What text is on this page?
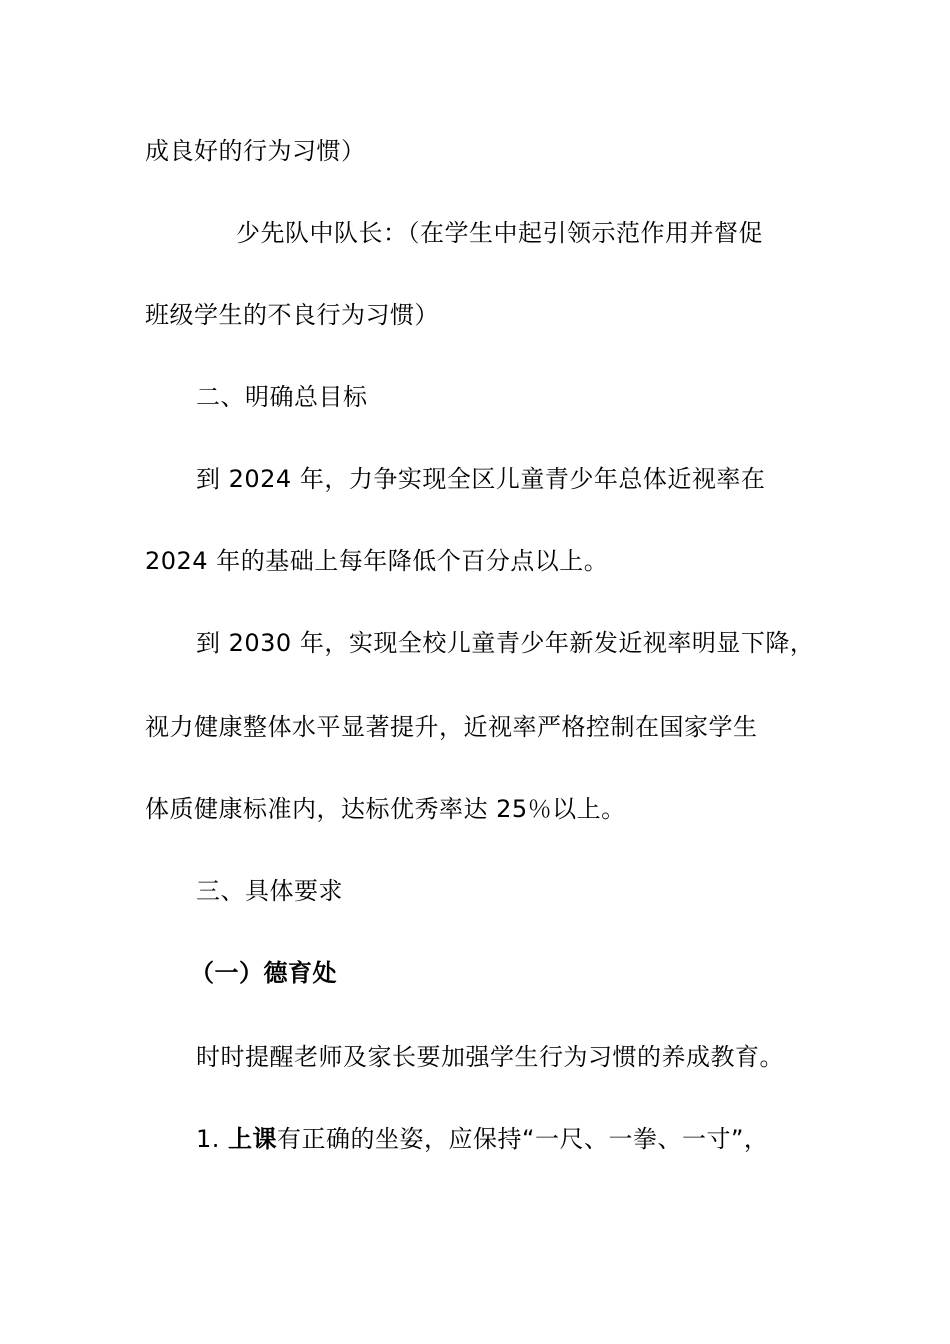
成良好的行为习惯）
少先队中队长：（在学生中起引领示范作用并督促
班级学生的不良行为习惯）
二、明确总目标
到 2024 年，力争实现全区儿童青少年总体近视率在
2024 年的基础上每年降低个百分点以上。
到 2030 年，实现全校儿童青少年新发近视率明显下降，
视力健康整体水平显著提升，近视率严格控制在国家学生
体质健康标准内，达标优秀率达 25％以上。
三、具体要求
（一）德育处
时时提醒老师及家长要加强学生行为习惯的养成教育。
1. 上课有正确的坐姿，应保持“一尺、一拳、一寸”，
